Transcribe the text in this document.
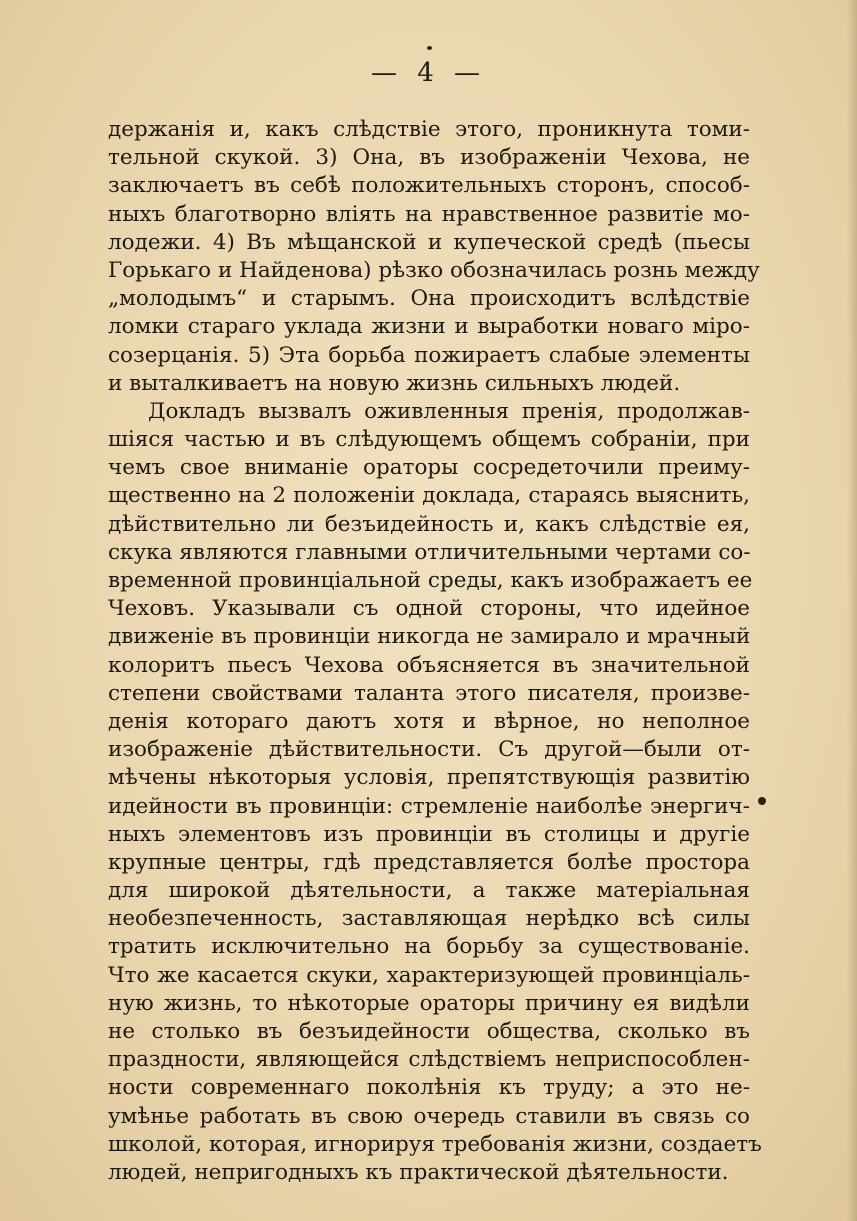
— 4 —
держанія и, какъ слѣдствіе этого, проникнута томи-
тельной скукой. 3) Она, въ изображеніи Чехова, не
заключаетъ въ себѣ положительныхъ сторонъ, способ-
ныхъ благотворно вліять на нравственное развитіе мо-
лодежи. 4) Въ мѣщанской и купеческой средѣ (пьесы
Горькаго и Найденова) рѣзко обозначилась рознь между
„молодымъ“ и старымъ. Она происходитъ вслѣдствіе
ломки стараго уклада жизни и выработки новаго міро-
созерцанія. 5) Эта борьба пожираетъ слабые элементы
и выталкиваетъ на новую жизнь сильныхъ людей.
Докладъ вызвалъ оживленныя пренія, продолжав-
шіяся частью и въ слѣдующемъ общемъ собраніи, при
чемъ свое вниманіе ораторы сосредеточили преиму-
щественно на 2 положеніи доклада, стараясь выяснить,
дѣйствительно ли безъидейность и, какъ слѣдствіе ея,
скука являются главными отличительными чертами со-
временной провинціальной среды, какъ изображаетъ ее
Чеховъ. Указывали съ одной стороны, что идейное
движеніе въ провинціи никогда не замирало и мрачный
колоритъ пьесъ Чехова объясняется въ значительной
степени свойствами таланта этого писателя, произве-
денія котораго даютъ хотя и вѣрное, но неполное
изображеніе дѣйствительности. Съ другой—были от-
мѣчены нѣкоторыя условія, препятствующія развитію
идейности въ провинціи: стремленіе наиболѣе энергич-
ныхъ элементовъ изъ провинціи въ столицы и другіе
крупные центры, гдѣ представляется болѣе простора
для широкой дѣятельности, а также матеріальная
необезпеченность, заставляющая нерѣдко всѣ силы
тратить исключительно на борьбу за существованіе.
Что же касается скуки, характеризующей провинціаль-
ную жизнь, то нѣкоторые ораторы причину ея видѣли
не столько въ безъидейности общества, сколько въ
праздности, являющейся слѣдствіемъ неприспособлен-
ности современнаго поколѣнія къ труду; а это не-
умѣнье работать въ свою очередь ставили въ связь со
школой, которая, игнорируя требованія жизни, создаетъ
людей, непригодныхъ къ практической дѣятельности.
